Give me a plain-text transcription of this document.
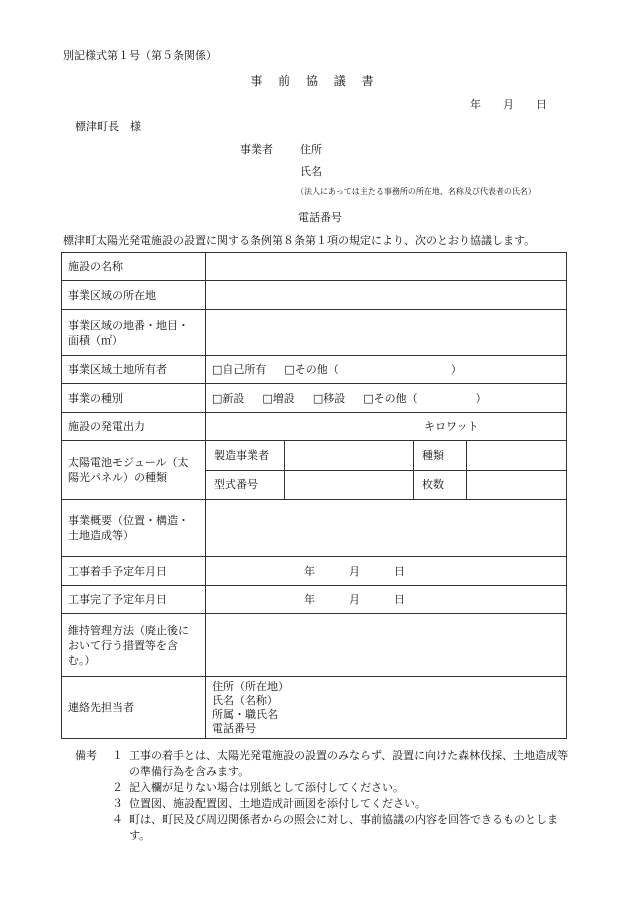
別記様式第１号（第５条関係）
事 前 協 議 書
年 月 日
標津町長　様
事業者 住所
氏名
（法人にあっては主たる事務所の所在地、名称及び代表者の氏名）
電話番号
標津町太陽光発電施設の設置に関する条例第８条第１項の規定により、次のとおり協議します。
施設の名称	
事業区域の所在地	
事業区域の地番・地目・面積（㎡）	
事業区域土地所有者	□自己所有 □その他（ ）
事業の種別	□新設 □増設 □移設 □その他（ ）
施設の発電出力	キロワット
太陽電池モジュール（太陽光パネル）の種類	製造事業者 種類
型式番号 枚数

事業概要（位置・構造・土地造成等）	
工事着手予定年月日	年 月 日
工事完了予定年月日	年 月 日
維持管理方法（廃止後において行う措置等を含む。）	
連絡先担当者	住所（所在地）
氏名（名称）
所属・職氏名
電話番号
備考	１ 工事の着手とは、太陽光発電施設の設置のみならず、設置に向けた森林伐採、土地造成等の準備行為を含みます。
２ 記入欄が足りない場合は別紙として添付してください。
３ 位置図、施設配置図、土地造成計画図を添付してください。
４ 町は、町民及び周辺関係者からの照会に対し、事前協議の内容を回答できるものとします。
